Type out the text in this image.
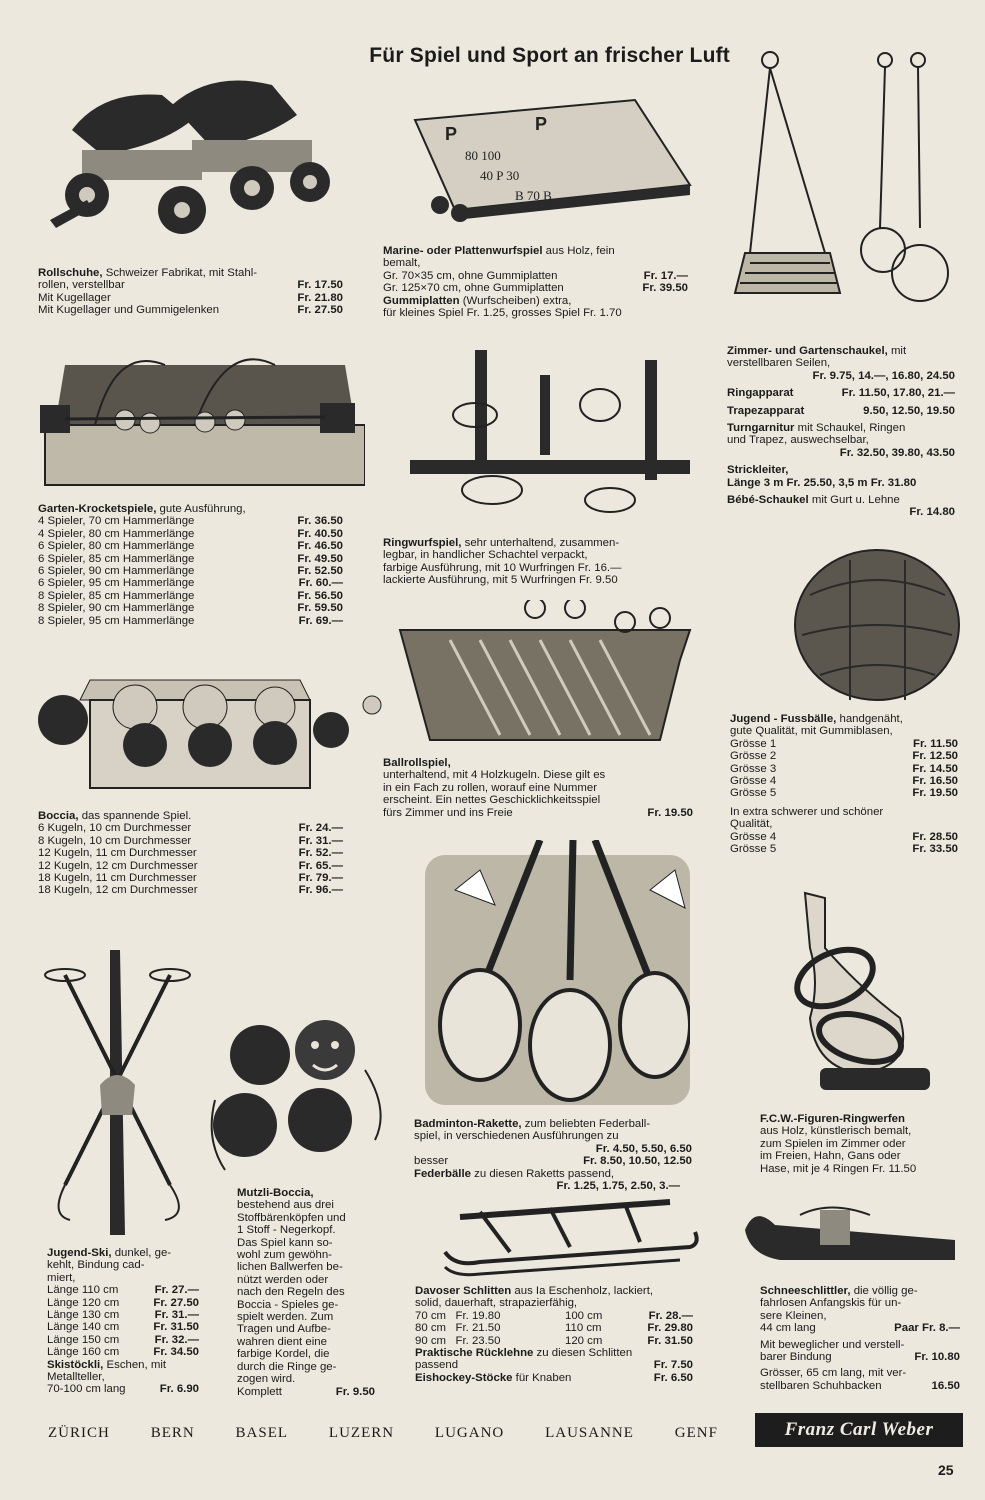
Für Spiel und Sport an frischer Luft
P	P
80 100
40 P 30
B 70 B
Rollschuhe, Schweizer Fabrikat, mit Stahl-
rollen, verstellbar	Fr. 17.50
Mit Kugellager	Fr. 21.80
Mit Kugellager und Gummigelenken	Fr. 27.50
Marine- oder Plattenwurfspiel aus Holz, fein
bemalt,
Gr. 70×35 cm, ohne Gummiplatten	Fr. 17.—
Gr. 125×70 cm, ohne Gummiplatten	Fr. 39.50
Gummiplatten (Wurfscheiben) extra,
für kleines Spiel Fr. 1.25, grosses Spiel Fr. 1.70
Zimmer- und Gartenschaukel, mit
verstellbaren Seilen,
Fr. 9.75, 14.—, 16.80, 24.50
Ringapparat	Fr. 11.50, 17.80, 21.—
Trapezapparat	9.50, 12.50, 19.50
Turngarnitur mit Schaukel, Ringen
und Trapez, auswechselbar,
Fr. 32.50, 39.80, 43.50
Strickleiter,
Länge 3 m Fr. 25.50, 3,5 m Fr. 31.80
Bébé-Schaukel mit Gurt u. Lehne
Fr. 14.80
Garten-Krocketspiele, gute Ausführung,
4 Spieler, 70 cm Hammerlänge	Fr. 36.50
4 Spieler, 80 cm Hammerlänge	Fr. 40.50
6 Spieler, 80 cm Hammerlänge	Fr. 46.50
6 Spieler, 85 cm Hammerlänge	Fr. 49.50
6 Spieler, 90 cm Hammerlänge	Fr. 52.50
6 Spieler, 95 cm Hammerlänge	Fr. 60.—
8 Spieler, 85 cm Hammerlänge	Fr. 56.50
8 Spieler, 90 cm Hammerlänge	Fr. 59.50
8 Spieler, 95 cm Hammerlänge	Fr. 69.—
Ringwurfspiel, sehr unterhaltend, zusammen-
legbar, in handlicher Schachtel verpackt,
farbige Ausführung, mit 10 Wurfringen Fr. 16.—
lackierte Ausführung, mit 5 Wurfringen Fr. 9.50
Jugend - Fussbälle, handgenäht,
gute Qualität, mit Gummiblasen,
Grösse 1	Fr. 11.50
Grösse 2	Fr. 12.50
Grösse 3	Fr. 14.50
Grösse 4	Fr. 16.50
Grösse 5	Fr. 19.50
In extra schwerer und schöner
Qualität,
Grösse 4	Fr. 28.50
Grösse 5	Fr. 33.50
Ballrollspiel,
unterhaltend, mit 4 Holzkugeln. Diese gilt es
in ein Fach zu rollen, worauf eine Nummer
erscheint. Ein nettes Geschicklichkeitsspiel
fürs Zimmer und ins Freie	Fr. 19.50
Boccia, das spannende Spiel.
6 Kugeln, 10 cm Durchmesser	Fr. 24.—
8 Kugeln, 10 cm Durchmesser	Fr. 31.—
12 Kugeln, 11 cm Durchmesser	Fr. 52.—
12 Kugeln, 12 cm Durchmesser	Fr. 65.—
18 Kugeln, 11 cm Durchmesser	Fr. 79.—
18 Kugeln, 12 cm Durchmesser	Fr. 96.—
Jugend-Ski, dunkel, ge-
kehlt, Bindung cad-
miert,
Länge 110 cm	Fr. 27.—
Länge 120 cm	Fr. 27.50
Länge 130 cm	Fr. 31.—
Länge 140 cm	Fr. 31.50
Länge 150 cm	Fr. 32.—
Länge 160 cm	Fr. 34.50
Skistöckli, Eschen, mit
Metallteller,
70-100 cm lang	Fr. 6.90
Mutzli-Boccia,
bestehend aus drei
Stoffbärenköpfen und
1 Stoff - Negerkopf.
Das Spiel kann so-
wohl zum gewöhn-
lichen Ballwerfen be-
nützt werden oder
nach den Regeln des
Boccia - Spieles ge-
spielt werden. Zum
Tragen und Aufbe-
wahren dient eine
farbige Kordel, die
durch die Ringe ge-
zogen wird.
Komplett	Fr. 9.50
Badminton-Rakette, zum beliebten Federball-
spiel, in verschiedenen Ausführungen zu
Fr. 4.50, 5.50, 6.50
besser	Fr. 8.50, 10.50, 12.50
Federbälle zu diesen Raketts passend,
Fr. 1.25, 1.75, 2.50, 3.—
F.C.W.-Figuren-Ringwerfen
aus Holz, künstlerisch bemalt,
zum Spielen im Zimmer oder
im Freien, Hahn, Gans oder
Hase, mit je 4 Ringen Fr. 11.50
Davoser Schlitten aus Ia Eschenholz, lackiert,
solid, dauerhaft, strapazierfähig,
70 cm   Fr. 19.80	100 cm	Fr. 28.—
80 cm   Fr. 21.50	110 cm	Fr. 29.80
90 cm   Fr. 23.50	120 cm	Fr. 31.50
Praktische Rücklehne zu diesen Schlitten
passend	Fr. 7.50
Eishockey-Stöcke für Knaben	Fr. 6.50
Schneeschlittler, die völlig ge-
fahrlosen Anfangskis für un-
sere Kleinen,
44 cm lang	Paar Fr. 8.—
Mit beweglicher und verstell-
barer Bindung	Fr. 10.80
Grösser, 65 cm lang, mit ver-
stellbaren Schuhbacken	16.50
ZÜRICH	BERN	BASEL	LUZERN	LUGANO	LAUSANNE	GENF	Franz Carl Weber
25
